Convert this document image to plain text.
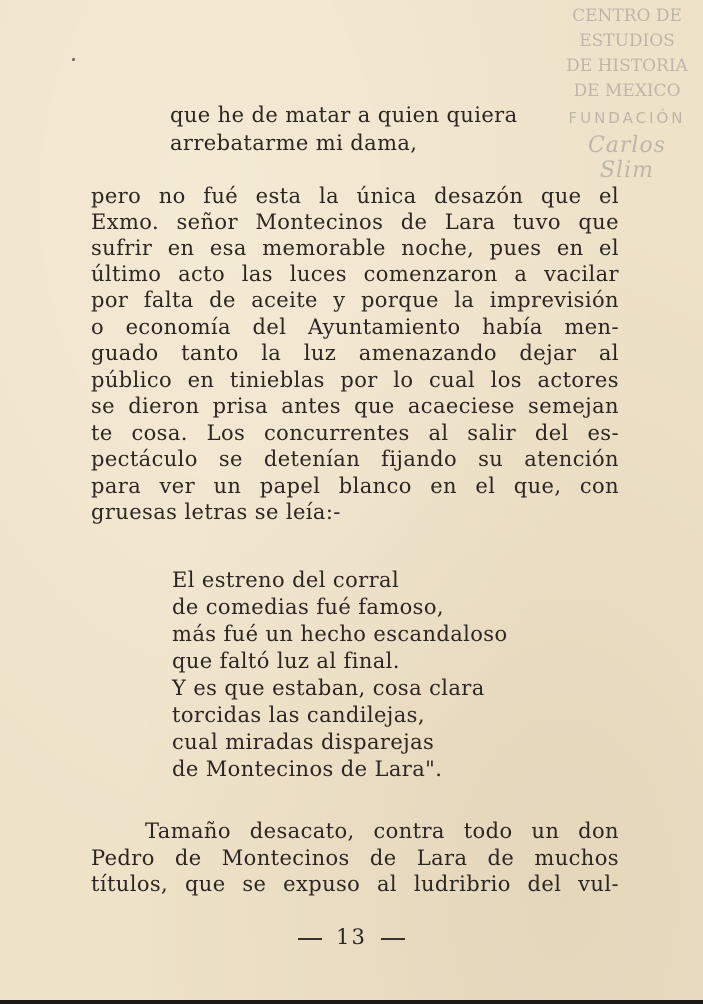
CENTRO DE
ESTUDIOS
DE HISTORIA
DE MEXICO
FUNDACIÓN
Carlos Slim
que he de matar a quien quiera
arrebatarme mi dama,
pero no fué esta la única desazón que el
Exmo. señor Montecinos de Lara tuvo que
sufrir en esa memorable noche, pues en el
último acto las luces comenzaron a vacilar
por falta de aceite y porque la imprevisión
o economía del Ayuntamiento había men-
guado tanto la luz amenazando dejar al
público en tinieblas por lo cual los actores
se dieron prisa antes que acaeciese semejan
te cosa. Los concurrentes al salir del es-
pectáculo se detenían fijando su atención
para ver un papel blanco en el que, con
gruesas letras se leía:-
El estreno del corral
de comedias fué famoso,
más fué un hecho escandaloso
que faltó luz al final.
Y es que estaban, cosa clara
torcidas las candilejas,
cual miradas disparejas
de Montecinos de Lara".
Tamaño desacato, contra todo un don
Pedro de Montecinos de Lara de muchos
títulos, que se expuso al ludribrio del vul-
13
